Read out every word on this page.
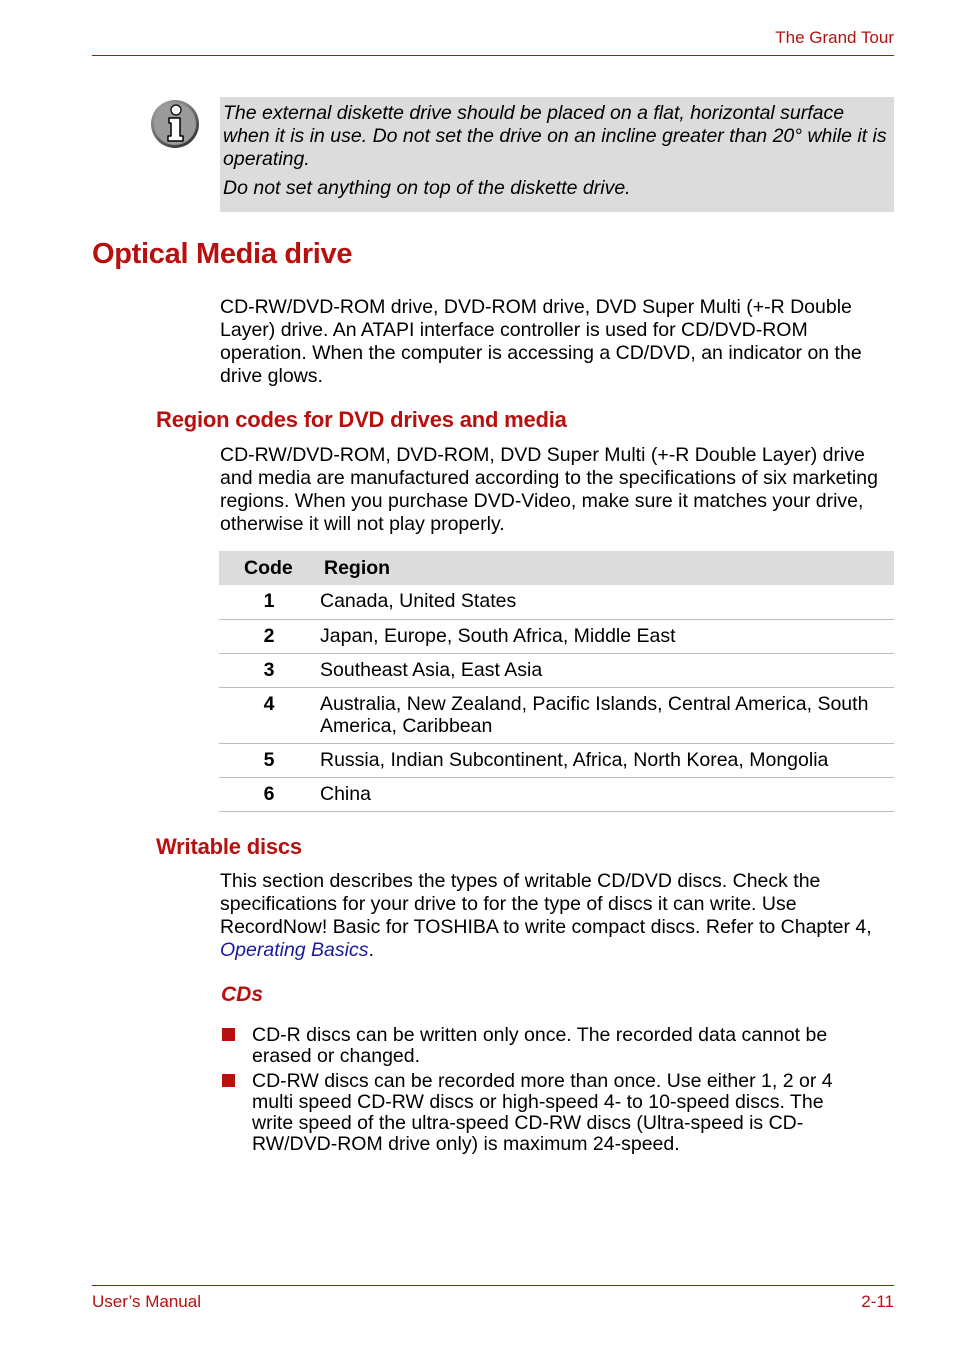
The Grand Tour

The external diskette drive should be placed on a flat, horizontal surface when it is in use. Do not set the drive on an incline greater than 20° while it is operating.

Do not set anything on top of the diskette drive.

Optical Media drive

CD-RW/DVD-ROM drive, DVD-ROM drive, DVD Super Multi (+-R Double Layer) drive. An ATAPI interface controller is used for CD/DVD-ROM operation. When the computer is accessing a CD/DVD, an indicator on the drive glows.

Region codes for DVD drives and media

CD-RW/DVD-ROM, DVD-ROM, DVD Super Multi (+-R Double Layer) drive and media are manufactured according to the specifications of six marketing regions. When you purchase DVD-Video, make sure it matches your drive, otherwise it will not play properly.

Code	Region
1	Canada, United States
2	Japan, Europe, South Africa, Middle East
3	Southeast Asia, East Asia
4	Australia, New Zealand, Pacific Islands, Central America, South America, Caribbean
5	Russia, Indian Subcontinent, Africa, North Korea, Mongolia
6	China
Writable discs

This section describes the types of writable CD/DVD discs. Check the specifications for your drive to for the type of discs it can write. Use RecordNow! Basic for TOSHIBA to write compact discs. Refer to Chapter 4, Operating Basics.

CDs
CD-R discs can be written only once. The recorded data cannot be erased or changed.
CD-RW discs can be recorded more than once. Use either 1, 2 or 4 multi speed CD-RW discs or high-speed 4- to 10-speed discs. The write speed of the ultra-speed CD-RW discs (Ultra-speed is CD-RW/DVD-ROM drive only) is maximum 24-speed.
User’s Manual	2-11
